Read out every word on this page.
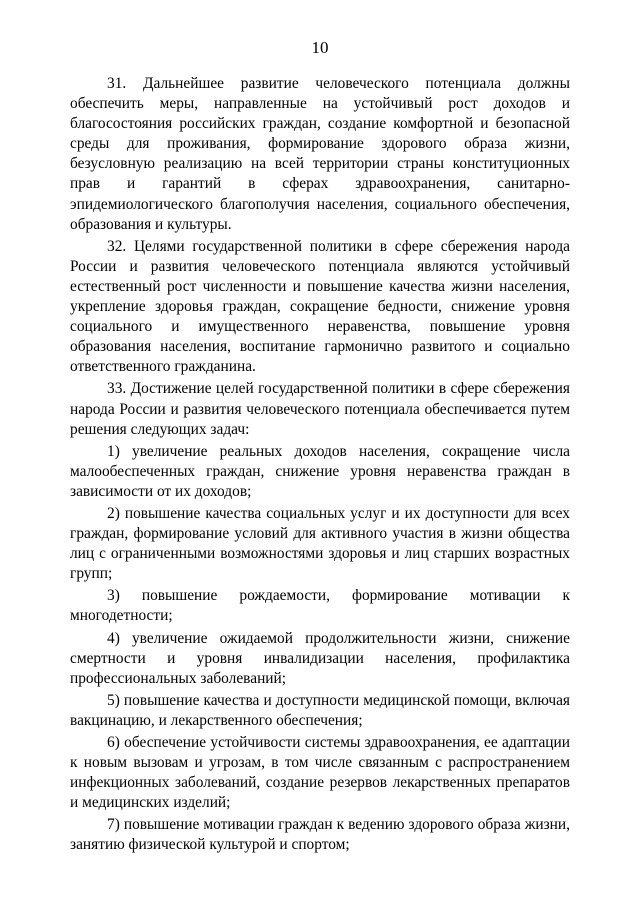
10

31. Дальнейшее развитие человеческого потенциала должны обеспечить меры, направленные на устойчивый рост доходов и благосостояния российских граждан, создание комфортной и безопасной среды для проживания, формирование здорового образа жизни, безусловную реализацию на всей территории страны конституционных прав и гарантий в сферах здравоохранения, санитарно-эпидемиологического благополучия населения, социального обеспечения, образования и культуры.

32. Целями государственной политики в сфере сбережения народа России и развития человеческого потенциала являются устойчивый естественный рост численности и повышение качества жизни населения, укрепление здоровья граждан, сокращение бедности, снижение уровня социального и имущественного неравенства, повышение уровня образования населения, воспитание гармонично развитого и социально ответственного гражданина.

33. Достижение целей государственной политики в сфере сбережения народа России и развития человеческого потенциала обеспечивается путем решения следующих задач:

1) увеличение реальных доходов населения, сокращение числа малообеспеченных граждан, снижение уровня неравенства граждан в зависимости от их доходов;

2) повышение качества социальных услуг и их доступности для всех граждан, формирование условий для активного участия в жизни общества лиц с ограниченными возможностями здоровья и лиц старших возрастных групп;

3) повышение рождаемости, формирование мотивации к многодетности;

4) увеличение ожидаемой продолжительности жизни, снижение смертности и уровня инвалидизации населения, профилактика профессиональных заболеваний;

5) повышение качества и доступности медицинской помощи, включая вакцинацию, и лекарственного обеспечения;

6) обеспечение устойчивости системы здравоохранения, ее адаптации к новым вызовам и угрозам, в том числе связанным с распространением инфекционных заболеваний, создание резервов лекарственных препаратов и медицинских изделий;

7) повышение мотивации граждан к ведению здорового образа жизни, занятию физической культурой и спортом;
